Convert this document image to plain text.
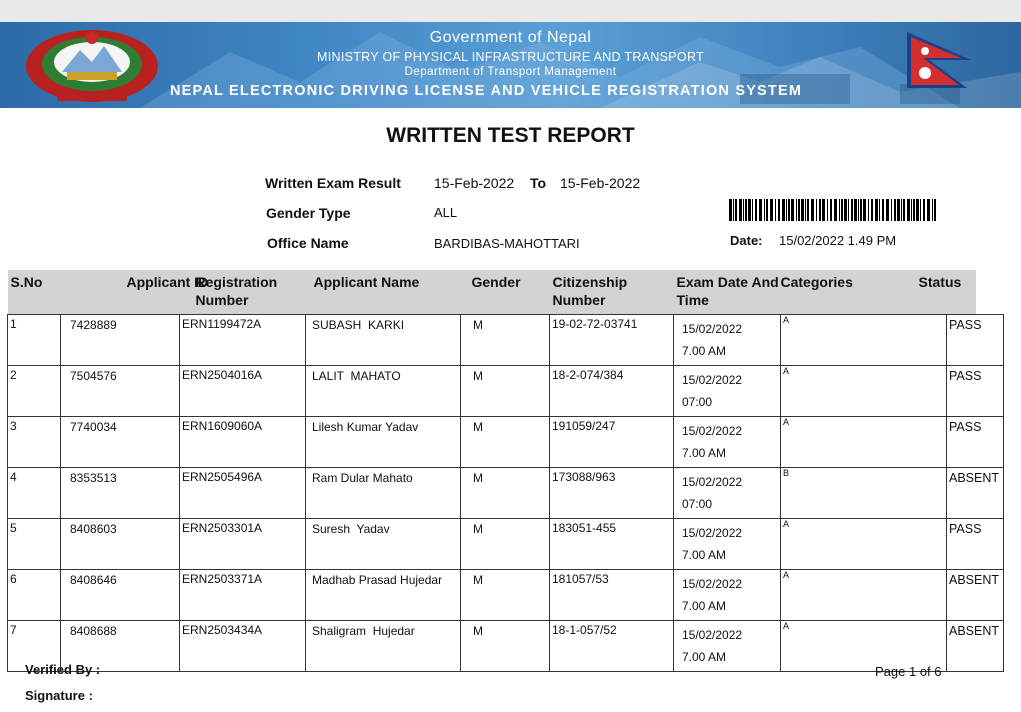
Government of Nepal
MINISTRY OF PHYSICAL INFRASTRUCTURE AND TRANSPORT
Department of Transport Management
NEPAL ELECTRONIC DRIVING LICENSE AND VEHICLE REGISTRATION SYSTEM
WRITTEN TEST REPORT
Written Exam Result 15-Feb-2022 To 15-Feb-2022
Gender Type	ALL
Office Name	BARDIBAS-MAHOTTARI	Date: 15/02/2022 1.49 PM
S.No	Applicant ID	Registration
Number	Applicant Name	Gender	Citizenship
Number	Exam Date And
Time	Categories	Status

1	7428889	ERN1199472A	SUBASH  KARKI	M	19-02-72-03741	15/02/2022
7.00 AM	A	PASS

2	7504576	ERN2504016A	LALIT  MAHATO	M	18-2-074/384	15/02/2022
07:00	A	PASS

3	7740034	ERN1609060A	Lilesh Kumar Yadav	M	191059/247	15/02/2022
7.00 AM	A	PASS

4	8353513	ERN2505496A	Ram Dular Mahato	M	173088/963	15/02/2022
07:00	B	ABSENT

5	8408603	ERN2503301A	Suresh  Yadav	M	183051-455	15/02/2022
7.00 AM	A	PASS

6	8408646	ERN2503371A	Madhab Prasad Hujedar	M	181057/53	15/02/2022
7.00 AM	A	ABSENT

7	8408688	ERN2503434A	Shaligram  Hujedar	M	18-1-057/52	15/02/2022
7.00 AM	A	ABSENT
Verified By :
Signature :
Page 1 of 6
